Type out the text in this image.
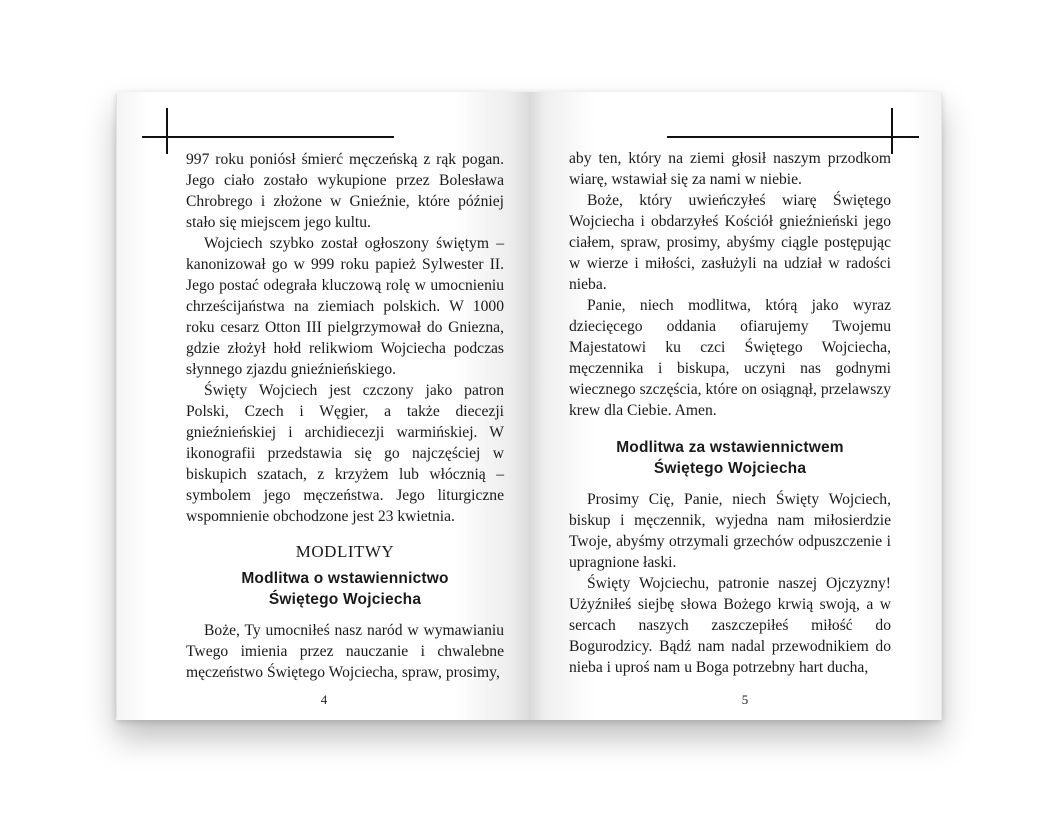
997 roku poniósł śmierć męczeńską z rąk pogan. Jego ciało zostało wykupione przez Bolesława Chrobrego i złożone w Gnieźnie, które później stało się miejscem jego kultu.

Wojciech szybko został ogłoszony świętym – kanonizował go w 999 roku papież Sylwester II. Jego postać odegrała kluczową rolę w umocnieniu chrześcijaństwa na ziemiach polskich. W 1000 roku cesarz Otton III pielgrzymował do Gniezna, gdzie złożył hołd relikwiom Wojciecha podczas słynnego zjazdu gnieźnieńskiego.

Święty Wojciech jest czczony jako patron Polski, Czech i Węgier, a także diecezji gnieźnieńskiej i archidiecezji warmińskiej. W ikonografii przedstawia się go najczęściej w biskupich szatach, z krzyżem lub włócznią – symbolem jego męczeństwa. Jego liturgiczne wspomnienie obchodzone jest 23 kwietnia.

MODLITWY
Modlitwa o wstawiennictwo
Świętego Wojciecha

Boże, Ty umocniłeś nasz naród w wymawianiu Twego imienia przez nauczanie i chwalebne męczeństwo Świętego Wojciecha, spraw, prosimy,

4

aby ten, który na ziemi głosił naszym przodkom wiarę, wstawiał się za nami w niebie.

Boże, który uwieńczyłeś wiarę Świętego Wojciecha i obdarzyłeś Kościół gnieźnieński jego ciałem, spraw, prosimy, abyśmy ciągle postępując w wierze i miłości, zasłużyli na udział w radości nieba.

Panie, niech modlitwa, którą jako wyraz dziecięcego oddania ofiarujemy Twojemu Majestatowi ku czci Świętego Wojciecha, męczennika i biskupa, uczyni nas godnymi wiecznego szczęścia, które on osiągnął, przelawszy krew dla Ciebie. Amen.

Modlitwa za wstawiennictwem
Świętego Wojciecha

Prosimy Cię, Panie, niech Święty Wojciech, biskup i męczennik, wyjedna nam miłosierdzie Twoje, abyśmy otrzymali grzechów odpuszczenie i upragnione łaski.

Święty Wojciechu, patronie naszej Ojczyzny! Użyźniłeś siejbę słowa Bożego krwią swoją, a w sercach naszych zaszczepiłeś miłość do Bogurodzicy. Bądź nam nadal przewodnikiem do nieba i uproś nam u Boga potrzebny hart ducha,

5
